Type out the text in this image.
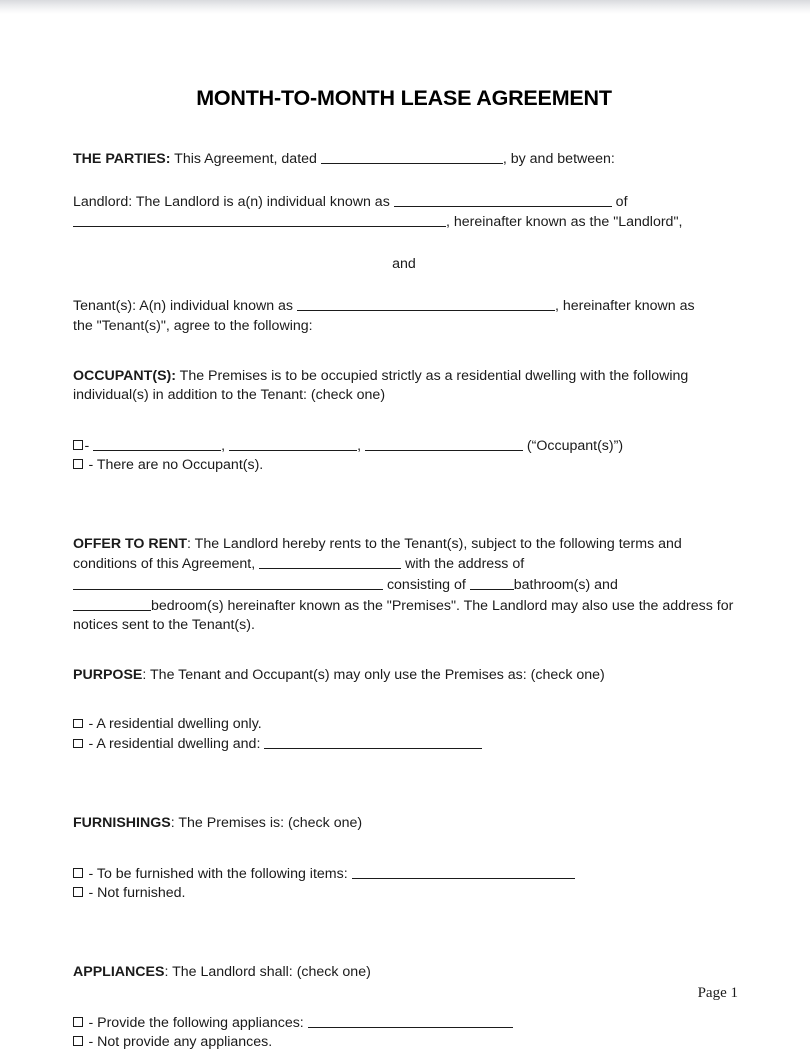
MONTH-TO-MONTH LEASE AGREEMENT

THE PARTIES: This Agreement, dated	, by and between:

Landlord: The Landlord is a(n) individual known as	of
, hereinafter known as the "Landlord",

and

Tenant(s): A(n) individual known as	, hereinafter known as
the "Tenant(s)", agree to the following:

OCCUPANT(S): The Premises is to be occupied strictly as a residential dwelling with the following individual(s) in addition to the Tenant: (check one)

-	,	,	(“Occupant(s)”)

- There are no Occupant(s).

OFFER TO RENT: The Landlord hereby rents to the Tenant(s), subject to the following terms and conditions of this Agreement,	with the address of
consisting of	bathroom(s) and
bedroom(s) hereinafter known as the "Premises". The Landlord may also use the address for notices sent to the Tenant(s).

PURPOSE: The Tenant and Occupant(s) may only use the Premises as: (check one)

- A residential dwelling only.

- A residential dwelling and:

FURNISHINGS: The Premises is: (check one)

- To be furnished with the following items:

- Not furnished.

APPLIANCES: The Landlord shall: (check one)

- Provide the following appliances:

- Not provide any appliances.

Page 1
